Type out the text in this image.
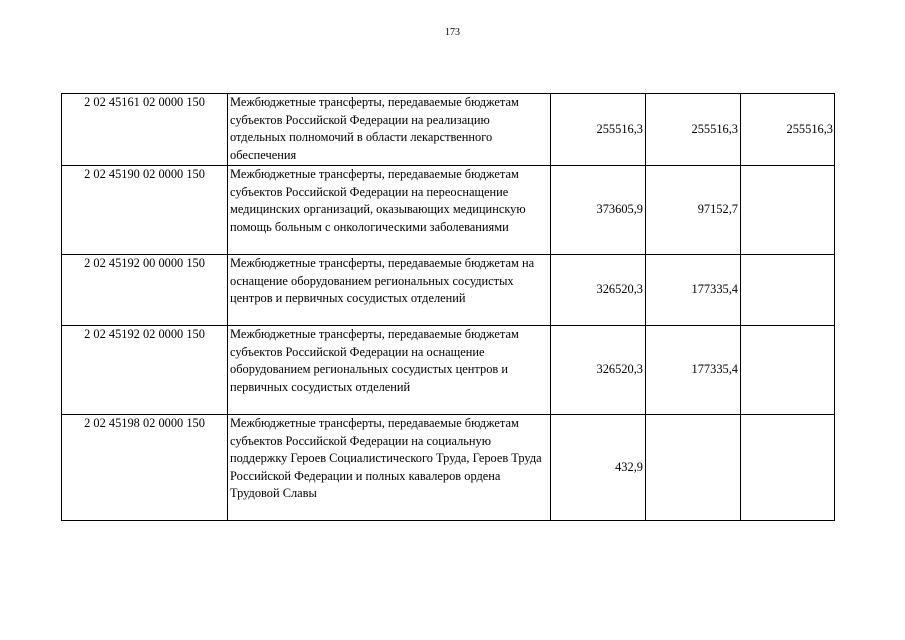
173
2 02 45161 02 0000 150	Межбюджетные трансферты, передаваемые бюджетам субъектов Российской Федерации на реализацию отдельных полномочий в области лекарственного обеспечения	255516,3	255516,3	255516,3
2 02 45190 02 0000 150	Межбюджетные трансферты, передаваемые бюджетам субъектов Российской Федерации на переоснащение медицинских организаций, оказывающих медицинскую помощь больным с онкологическими заболеваниями	373605,9	97152,7	
2 02 45192 00 0000 150	Межбюджетные трансферты, передаваемые бюджетам на оснащение оборудованием региональных сосудистых центров и первичных сосудистых отделений	326520,3	177335,4	
2 02 45192 02 0000 150	Межбюджетные трансферты, передаваемые бюджетам субъектов Российской Федерации на оснащение оборудованием региональных сосудистых центров и первичных сосудистых отделений	326520,3	177335,4	
2 02 45198 02 0000 150	Межбюджетные трансферты, передаваемые бюджетам субъектов Российской Федерации на социальную поддержку Героев Социалистического Труда, Героев Труда Российской Федерации и полных кавалеров ордена Трудовой Славы	432,9		
